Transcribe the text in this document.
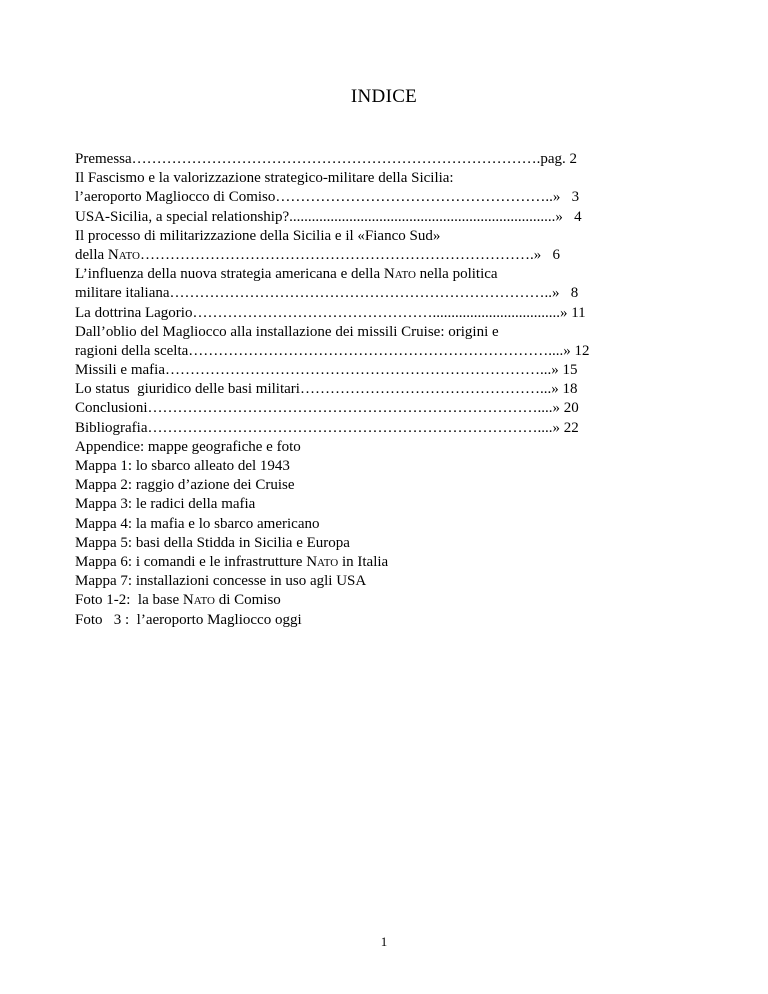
INDICE
Premessa……………………………………………………………………….pag. 2
Il Fascismo e la valorizzazione strategico-militare della Sicilia:
l’aeroporto Magliocco di Comiso………………………………………………..»   3
USA-Sicilia, a special relationship?.......................................................................»   4
Il processo di militarizzazione della Sicilia e il «Fianco Sud»
della Nato…………………………………………………………………….»   6
L’influenza della nuova strategia americana e della Nato nella politica
militare italiana…………………………………………………………………..»   8
La dottrina Lagorio…………………………………………..................................» 11
Dall’oblio del Magliocco alla installazione dei missili Cruise: origini e
ragioni della scelta………………………………………………………………....» 12
Missili e mafia…………………………………………………………………...» 15
Lo status  giuridico delle basi militari…………………………………………...» 18
Conclusioni……………………………………………………………………....» 20
Bibliografia……………………………………………………………………....» 22
Appendice: mappe geografiche e foto
Mappa 1: lo sbarco alleato del 1943
Mappa 2: raggio d’azione dei Cruise
Mappa 3: le radici della mafia
Mappa 4: la mafia e lo sbarco americano
Mappa 5: basi della Stidda in Sicilia e Europa
Mappa 6: i comandi e le infrastrutture Nato in Italia
Mappa 7: installazioni concesse in uso agli USA
Foto 1-2:  la base Nato di Comiso
Foto   3 :  l’aeroporto Magliocco oggi
1
